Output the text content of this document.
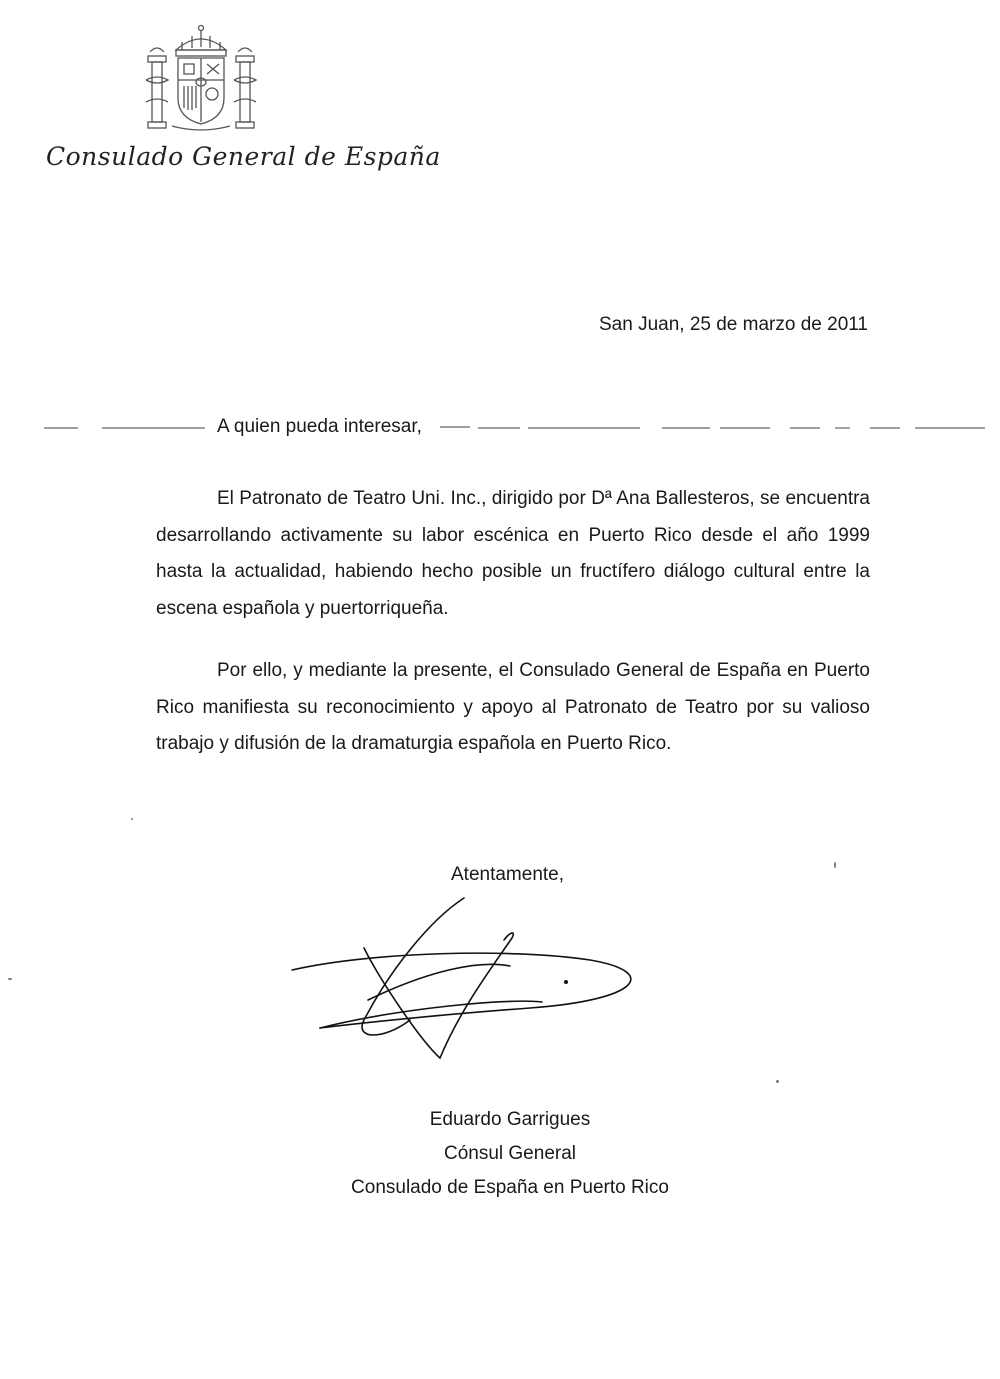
Consulado General de España
San Juan, 25 de marzo de 2011
A quien pueda interesar,

El Patronato de Teatro Uni. Inc., dirigido por Dª Ana Ballesteros, se encuentra desarrollando activamente su labor escénica en Puerto Rico desde el año 1999 hasta la actualidad, habiendo hecho posible un fructífero diálogo cultural entre la escena española y puertorriqueña.

Por ello, y mediante la presente, el Consulado General de España en Puerto Rico manifiesta su reconocimiento y apoyo al Patronato de Teatro por su valioso trabajo y difusión de la dramaturgia española en Puerto Rico.

Atentamente,
Eduardo Garrigues
Cónsul General
Consulado de España en Puerto Rico
